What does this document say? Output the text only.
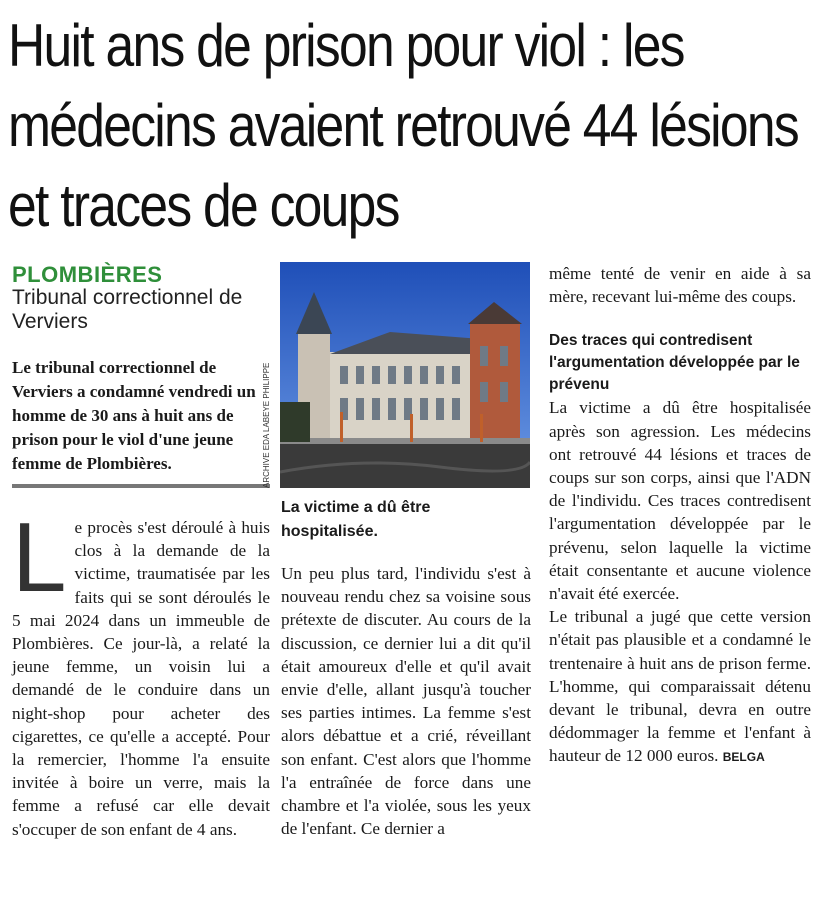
Huit ans de prison pour viol : les médecins avaient retrouvé 44 lésions et traces de coups
PLOMBIÈRES
Tribunal correctionnel de Verviers
Le tribunal correctionnel de Verviers a condamné vendredi un homme de 30 ans à huit ans de prison pour le viol d'une jeune femme de Plombières.
L e procès s'est déroulé à huis clos à la demande de la victime, traumatisée par les faits qui se sont déroulés le 5 mai 2024 dans un immeuble de Plombières. Ce jour-là, a relaté la jeune femme, un voisin lui a demandé de le conduire dans un night-shop pour acheter des cigarettes, ce qu'elle a accepté. Pour la remercier, l'homme l'a ensuite invitée à boire un verre, mais la femme a refusé car elle devait s'occuper de son enfant de 4 ans.

ARCHIVE EDA LABEYE PHILIPPE
La victime a dû être hospitalisée.

Un peu plus tard, l'individu s'est à nouveau rendu chez sa voisine sous prétexte de discuter. Au cours de la discussion, ce dernier lui a dit qu'il était amoureux d'elle et qu'il avait envie d'elle, allant jusqu'à toucher ses parties intimes. La femme s'est alors débattue et a crié, réveillant son enfant. C'est alors que l'homme l'a entraînée de force dans une chambre et l'a violée, sous les yeux de l'enfant. Ce dernier a

même tenté de venir en aide à sa mère, recevant lui-même des coups.

Des traces qui contredisent l'argumentation développée par le prévenu

La victime a dû être hospitalisée après son agression. Les médecins ont retrouvé 44 lésions et traces de coups sur son corps, ainsi que l'ADN de l'individu. Ces traces contredisent l'argumentation développée par le prévenu, selon laquelle la victime était consentante et aucune violence n'avait été exercée.

Le tribunal a jugé que cette version n'était pas plausible et a condamné le trentenaire à huit ans de prison ferme. L'homme, qui comparaissait détenu devant le tribunal, devra en outre dédommager la femme et l'enfant à hauteur de 12 000 euros. BELGA
